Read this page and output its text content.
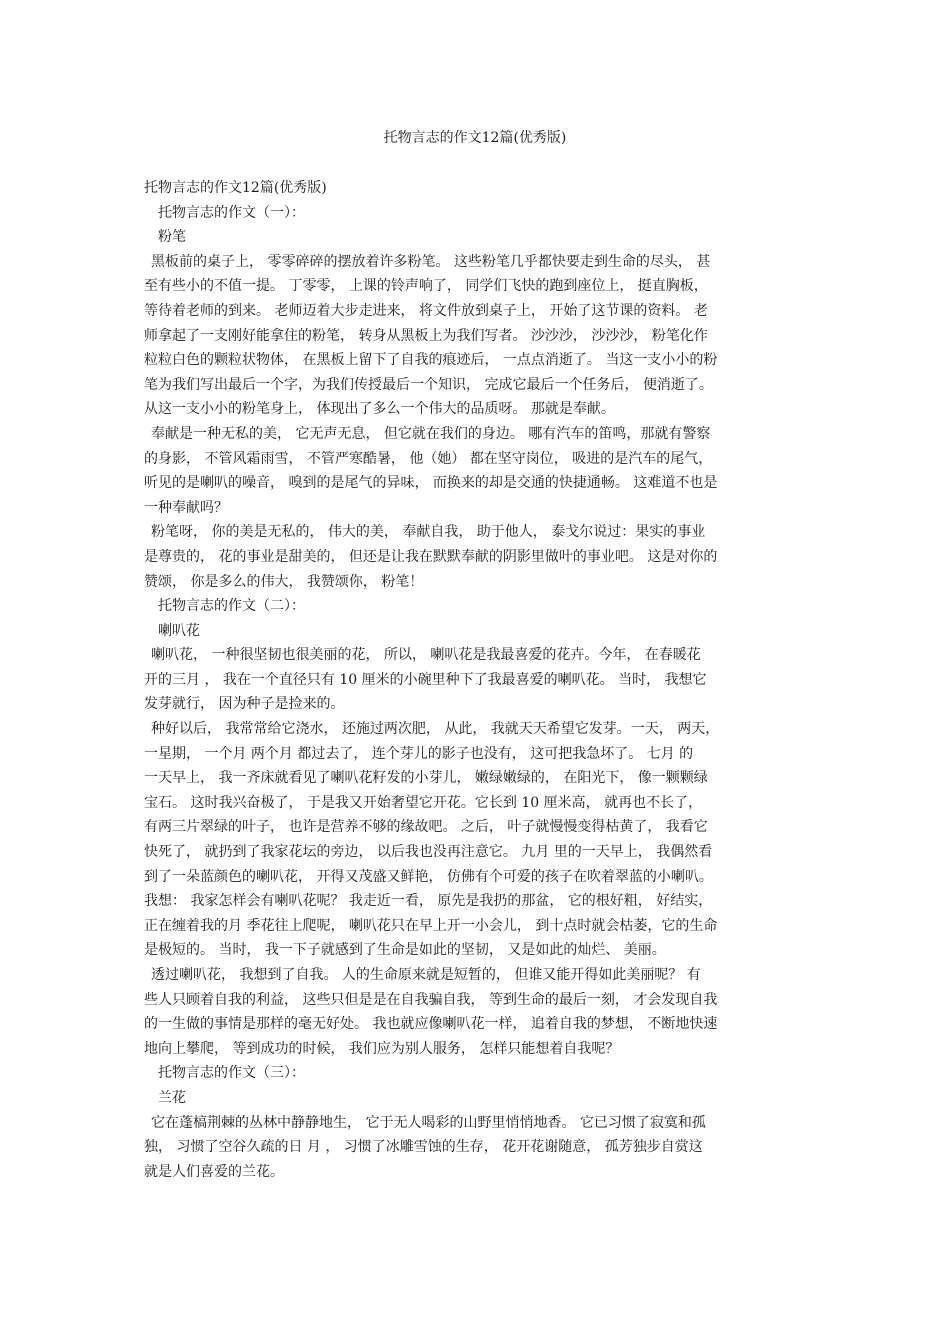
托物言志的作文12篇(优秀版)

托物言志的作文12篇(优秀版)

托物言志的作文（一）：

粉笔

黑板前的桌子上， 零零碎碎的摆放着许多粉笔。 这些粉笔几乎都快要走到生命的尽头， 甚

至有些小的不值一提。 丁零零， 上课的铃声响了， 同学们飞快的跑到座位上， 挺直胸板，

等待着老师的到来。 老师迈着大步走进来， 将文件放到桌子上， 开始了这节课的资料。 老

师拿起了一支刚好能拿住的粉笔， 转身从黑板上为我们写者。 沙沙沙， 沙沙沙， 粉笔化作

粒粒白色的颗粒状物体， 在黑板上留下了自我的痕迹后， 一点点消逝了。 当这一支小小的粉

笔为我们写出最后一个字，为我们传授最后一个知识， 完成它最后一个任务后， 便消逝了。

从这一支小小的粉笔身上， 体现出了多么一个伟大的品质呀。 那就是奉献。

奉献是一种无私的美， 它无声无息， 但它就在我们的身边。 哪有汽车的笛鸣，那就有警察

的身影， 不管风霜雨雪， 不管严寒酷暑， 他（她） 都在坚守岗位， 吸进的是汽车的尾气，

听见的是喇叭的噪音， 嗅到的是尾气的异味， 而换来的却是交通的快捷通畅。 这难道不也是

一种奉献吗？

粉笔呀， 你的美是无私的， 伟大的美， 奉献自我， 助于他人， 泰戈尔说过：果实的事业

是尊贵的， 花的事业是甜美的， 但还是让我在默默奉献的阴影里做叶的事业吧。 这是对你的

赞颂， 你是多么的伟大， 我赞颂你， 粉笔！

托物言志的作文（二）：

喇叭花

喇叭花， 一种很坚韧也很美丽的花， 所以， 喇叭花是我最喜爱的花卉。今年， 在春暖花

开的三月 ， 我在一个直径只有 10 厘米的小碗里种下了我最喜爱的喇叭花。 当时， 我想它

发芽就行， 因为种子是捡来的。

种好以后， 我常常给它浇水， 还施过两次肥， 从此， 我就天天希望它发芽。一天， 两天，

一星期， 一个月 两个月 都过去了， 连个芽儿的影子也没有， 这可把我急坏了。 七月 的

一天早上， 我一齐床就看见了喇叭花籽发的小芽儿， 嫩绿嫩绿的， 在阳光下， 像一颗颗绿

宝石。 这时我兴奋极了， 于是我又开始奢望它开花。它长到 10 厘米高， 就再也不长了，

有两三片翠绿的叶子， 也许是营养不够的缘故吧。 之后， 叶子就慢慢变得枯黄了， 我看它

快死了， 就扔到了我家花坛的旁边， 以后我也没再注意它。 九月 里的一天早上， 我偶然看

到了一朵蓝颜色的喇叭花， 开得又茂盛又鲜艳， 仿佛有个可爱的孩子在吹着翠蓝的小喇叭。

我想： 我家怎样会有喇叭花呢？ 我走近一看， 原先是我扔的那盆， 它的根好粗， 好结实，

正在缠着我的月 季花往上爬呢， 喇叭花只在早上开一小会儿， 到十点时就会枯萎，它的生命

是极短的。 当时， 我一下子就感到了生命是如此的坚韧， 又是如此的灿烂、 美丽。

透过喇叭花， 我想到了自我。 人的生命原来就是短暂的， 但谁又能开得如此美丽呢？ 有

些人只顾着自我的利益， 这些只但是是在自我骗自我， 等到生命的最后一刻， 才会发现自我

的一生做的事情是那样的毫无好处。 我也就应像喇叭花一样， 追着自我的梦想， 不断地快速

地向上攀爬， 等到成功的时候， 我们应为别人服务， 怎样只能想着自我呢？

托物言志的作文（三）：

兰花

它在蓬槁荆棘的丛林中静静地生， 它于无人喝彩的山野里悄悄地香。 它已习惯了寂寞和孤

独， 习惯了空谷久疏的日 月 ， 习惯了冰雕雪蚀的生存， 花开花谢随意， 孤芳独步自赏这

就是人们喜爱的兰花。
